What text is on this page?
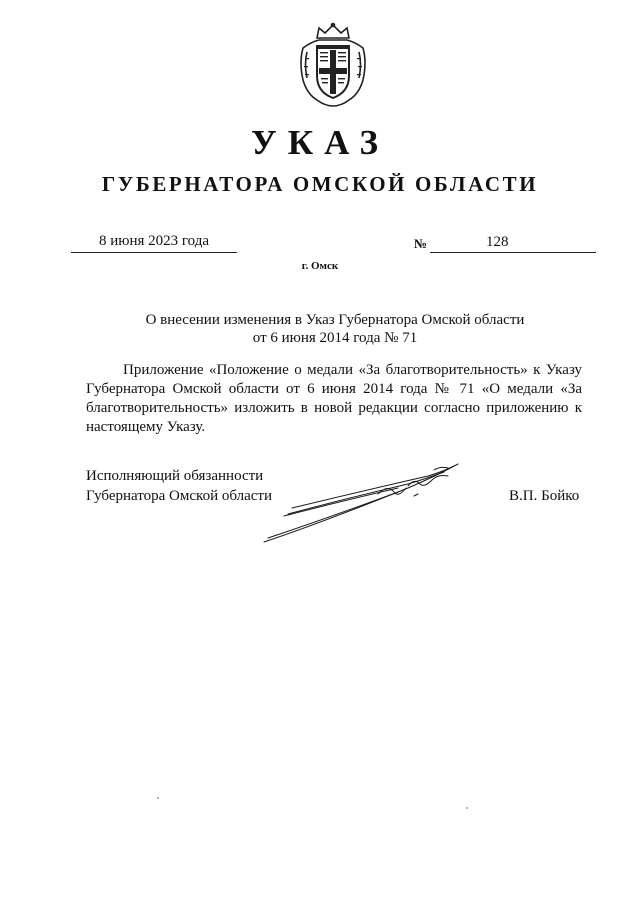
УКАЗ
ГУБЕРНАТОРА ОМСКОЙ ОБЛАСТИ
8 июня 2023 года	№	128
г. Омск
О внесении изменения в Указ Губернатора Омской области
от 6 июня 2014 года № 71

Приложение «Положение о медали «За благотворительность» к Указу Губернатора Омской области от 6 июня 2014 года № 71 «О медали «За благотворительность» изложить в новой редакции согласно приложению к настоящему Указу.

Исполняющий обязанности
Губернатора Омской области	В.П. Бойко
